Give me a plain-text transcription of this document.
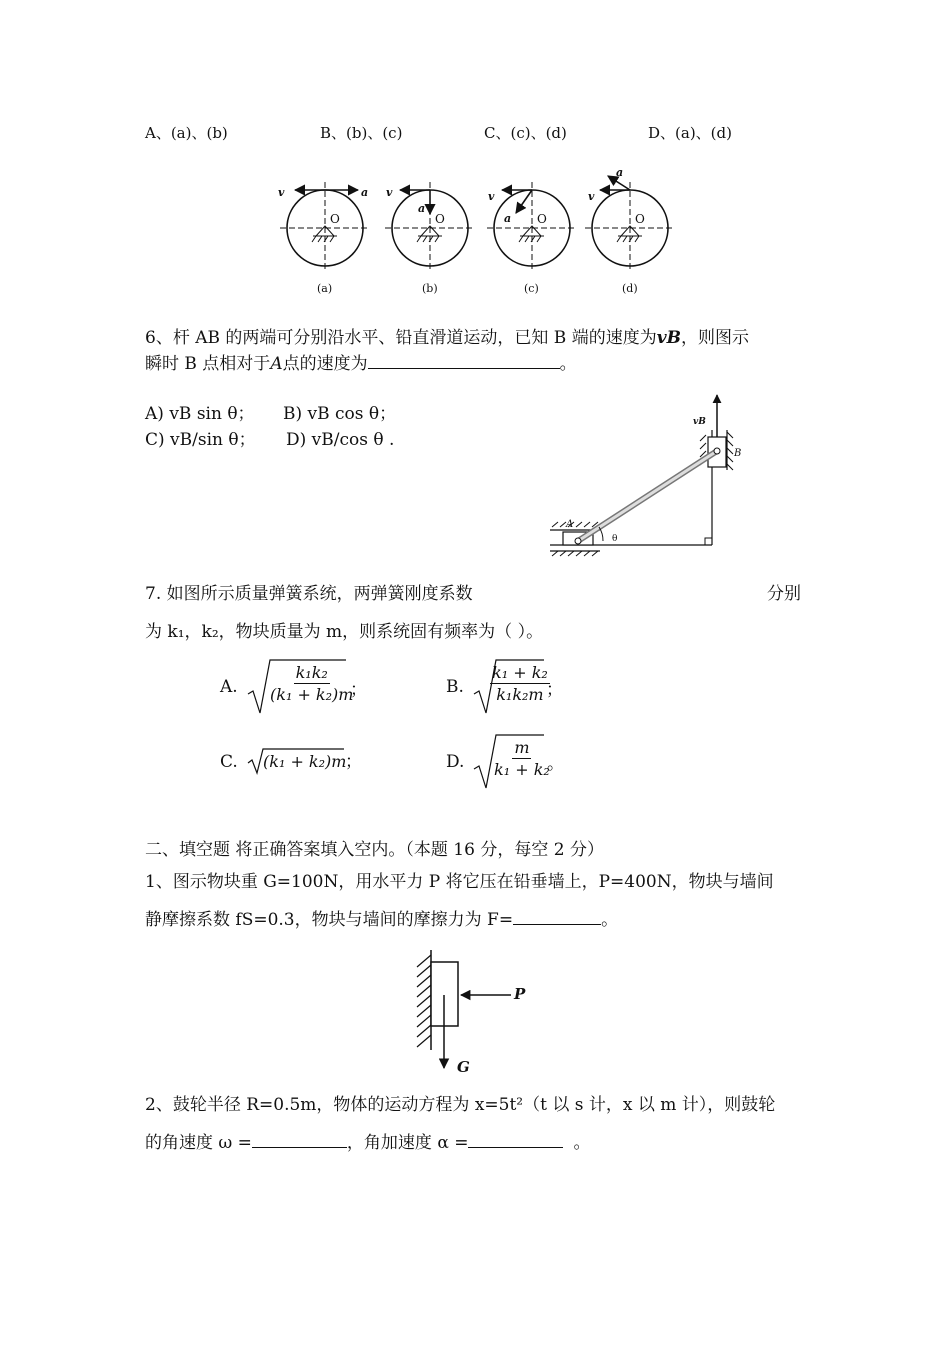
A、(a)、(b)	B、(b)、(c)	C、(c)、(d)	D、(a)、(d)
v	a
O
(a)
v
a
O
(b)
v
a O
(c)
v
a
O
(d)
6、杆 AB 的两端可分别沿水平、铅直滑道运动，已知 B 端的速度为vB，则图示
瞬时 B 点相对于A点的速度为	。
A) vB sin θ； B) vB cos θ；
C) vB/sin θ； D) vB/cos θ .
vB
B
A
θ
7. 如图所示质量弹簧系统，两弹簧刚度系数	分别
为 k₁，k₂，物块质量为 m，则系统固有频率为（ ）。
A. $\frac{\text{k₁k₂}}{\text{(k₁ + k₂)m}}$
；	B. $\frac{\text{k₁ + k₂}}{\text{k₁k₂m}}$
；
C. (k₁ + k₂)m
；	D. $\frac{m}{\text{k₁ + k₂}}$
。
二、填空题 将正确答案填入空内。（本题 16 分，每空 2 分）
1、图示物块重 G=100N，用水平力 P 将它压在铅垂墙上，P=400N，物块与墙间
静摩擦系数 fS=0.3，物块与墙间的摩擦力为 F=	。
P
G
2、鼓轮半径 R=0.5m，物体的运动方程为 x=5t²（t 以 s 计，x 以 m 计），则鼓轮
的角速度 ω =	，角加速度 α =	。
